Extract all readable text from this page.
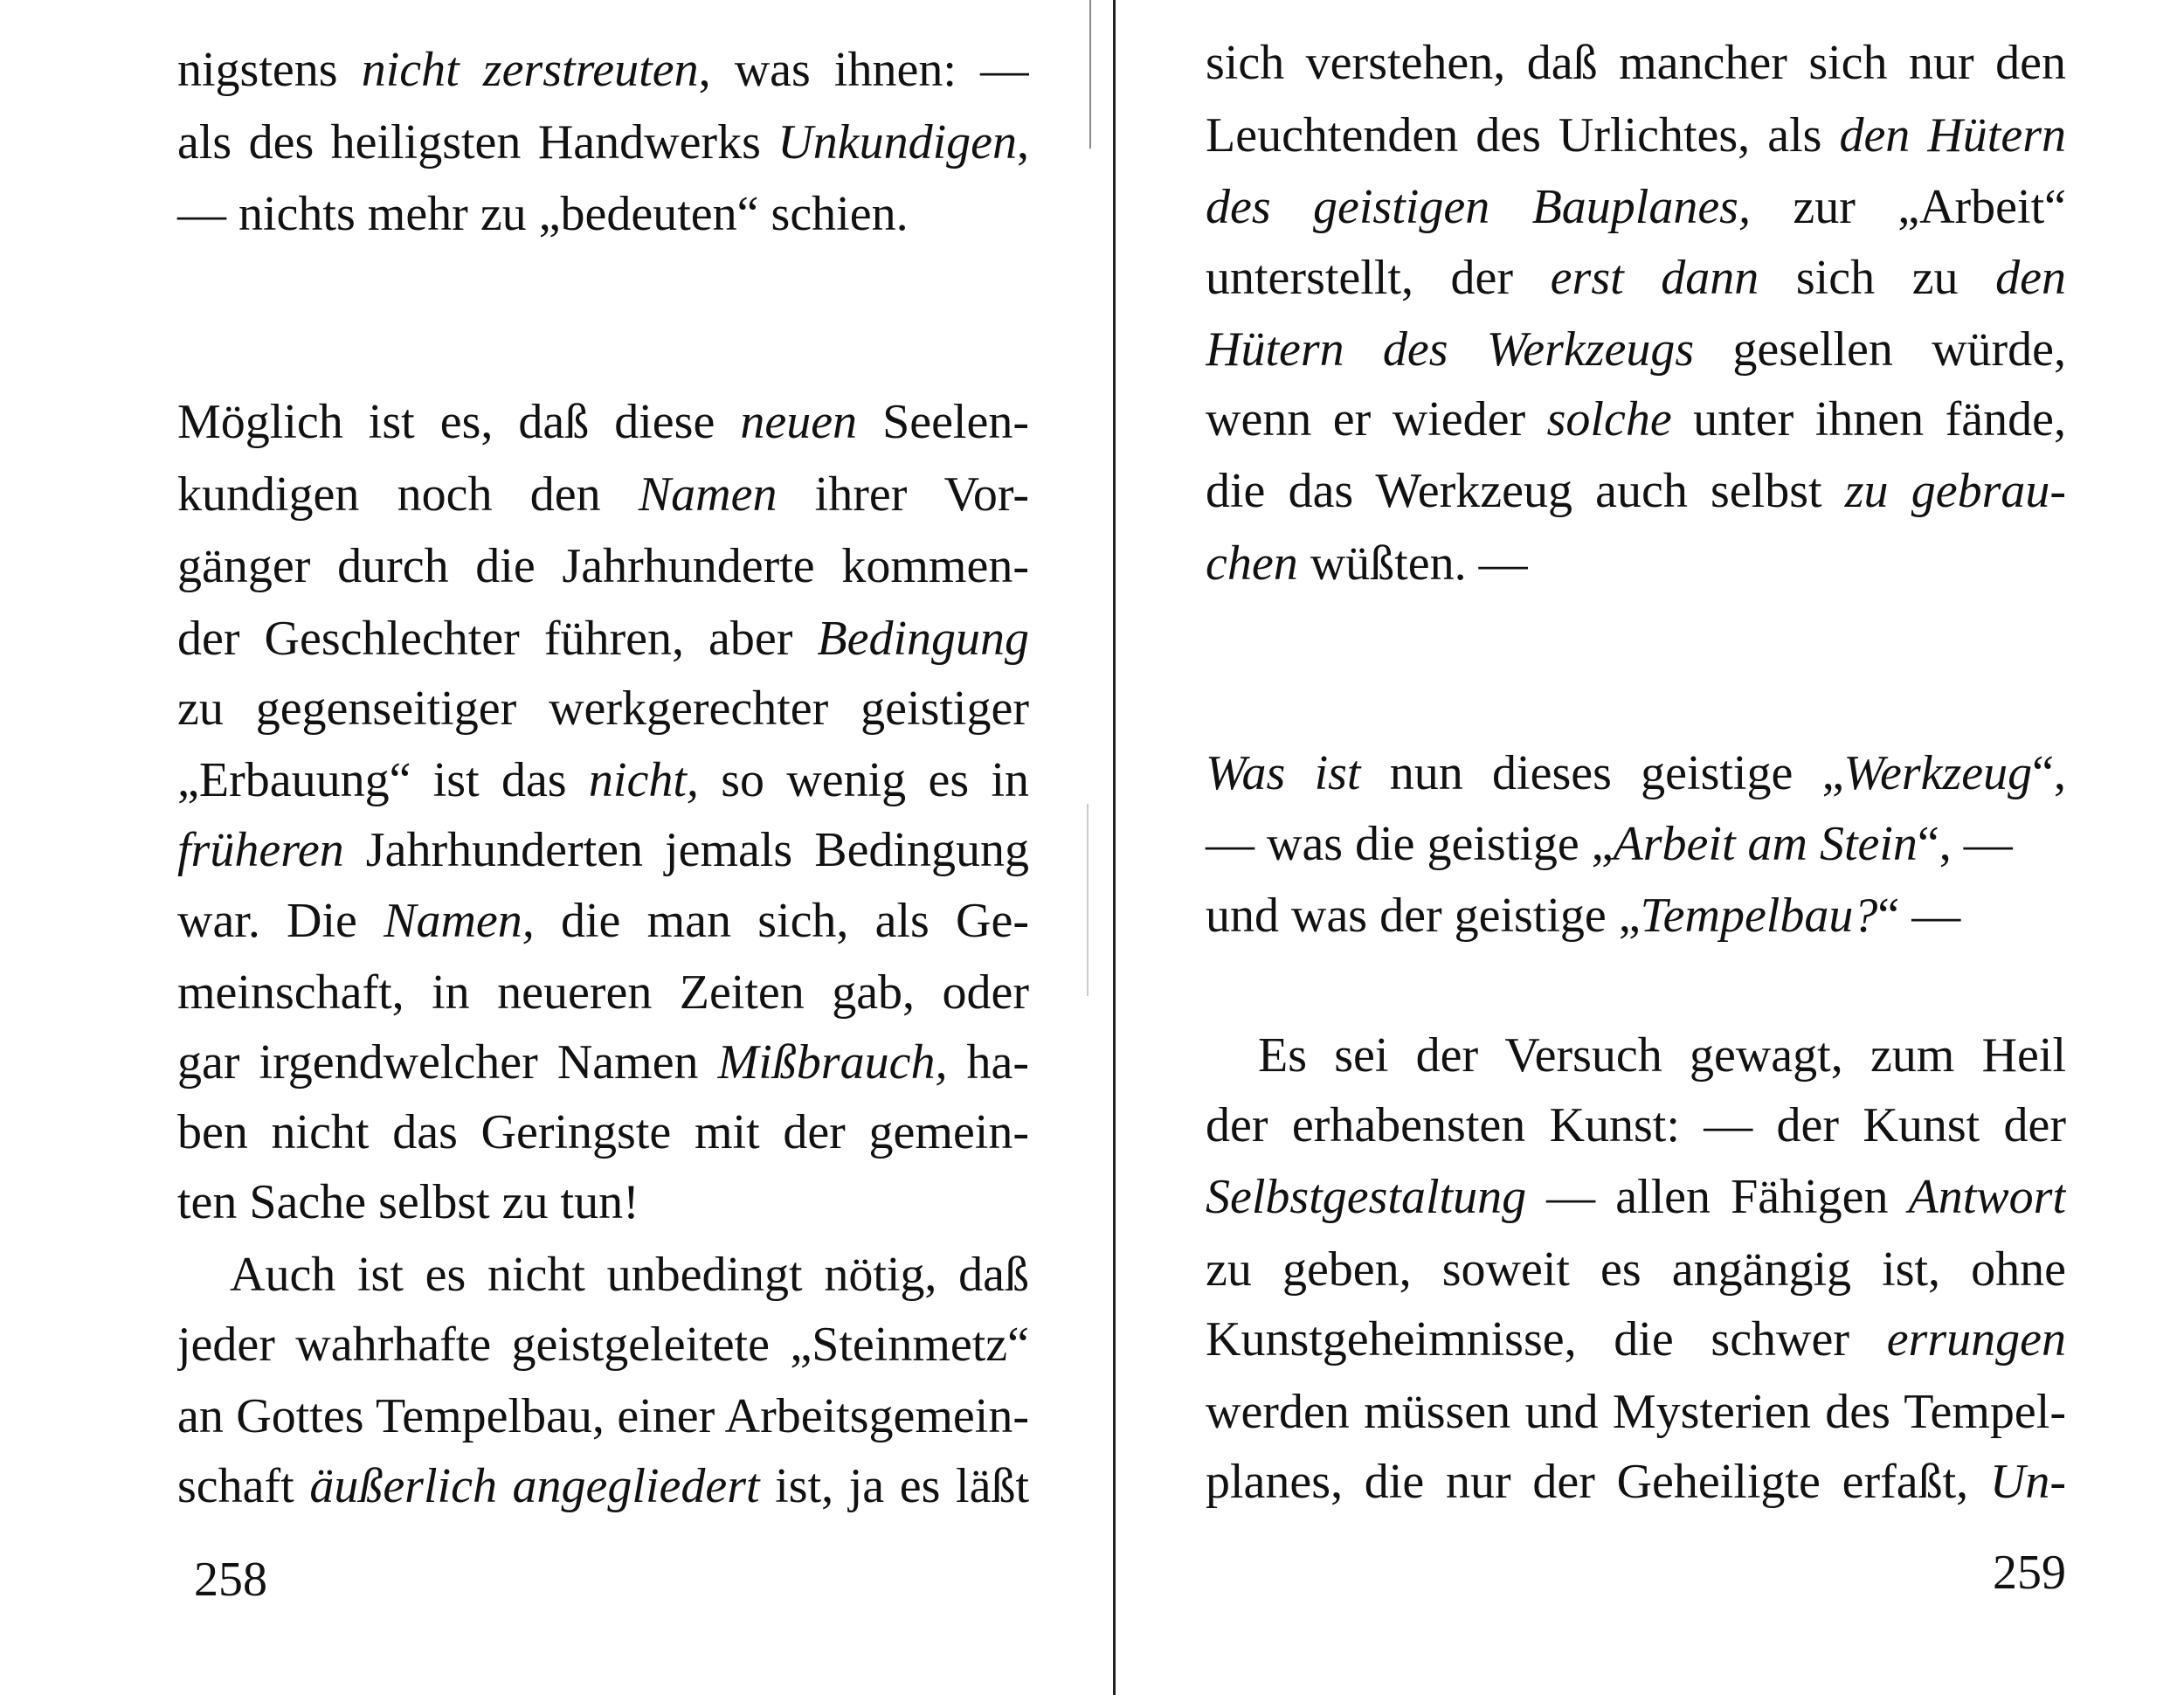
258
nigstens nicht zerstreuten, was ihnen: —
als des heiligsten Handwerks Unkundigen,
— nichts mehr zu „bedeuten“ schien.
Möglich ist es, daß diese neuen Seelen-
kundigen noch den Namen ihrer Vor-
gänger durch die Jahrhunderte kommen-
der Geschlechter führen, aber Bedingung
zu gegenseitiger werkgerechter geistiger
„Erbauung“ ist das nicht, so wenig es in
früheren Jahrhunderten jemals Bedingung
war. Die Namen, die man sich, als Ge-
meinschaft, in neueren Zeiten gab, oder
gar irgendwelcher Namen Mißbrauch, ha-
ben nicht das Geringste mit der gemein-
ten Sache selbst zu tun!
Auch ist es nicht unbedingt nötig, daß
jeder wahrhafte geistgeleitete „Steinmetz“
an Gottes Tempelbau, einer Arbeitsgemein-
schaft äußerlich angegliedert ist, ja es läßt
259
sich verstehen, daß mancher sich nur den
Leuchtenden des Urlichtes, als den Hütern
des geistigen Bauplanes, zur „Arbeit“
unterstellt, der erst dann sich zu den
Hütern des Werkzeugs gesellen würde,
wenn er wieder solche unter ihnen fände,
die das Werkzeug auch selbst zu gebrau-
chen wüßten. —
Was ist nun dieses geistige „Werkzeug“,
— was die geistige „Arbeit am Stein“, —
und was der geistige „Tempelbau?“ —
Es sei der Versuch gewagt, zum Heil
der erhabensten Kunst: — der Kunst der
Selbstgestaltung — allen Fähigen Antwort
zu geben, soweit es angängig ist, ohne
Kunstgeheimnisse, die schwer errungen
werden müssen und Mysterien des Tempel-
planes, die nur der Geheiligte erfaßt, Un-
